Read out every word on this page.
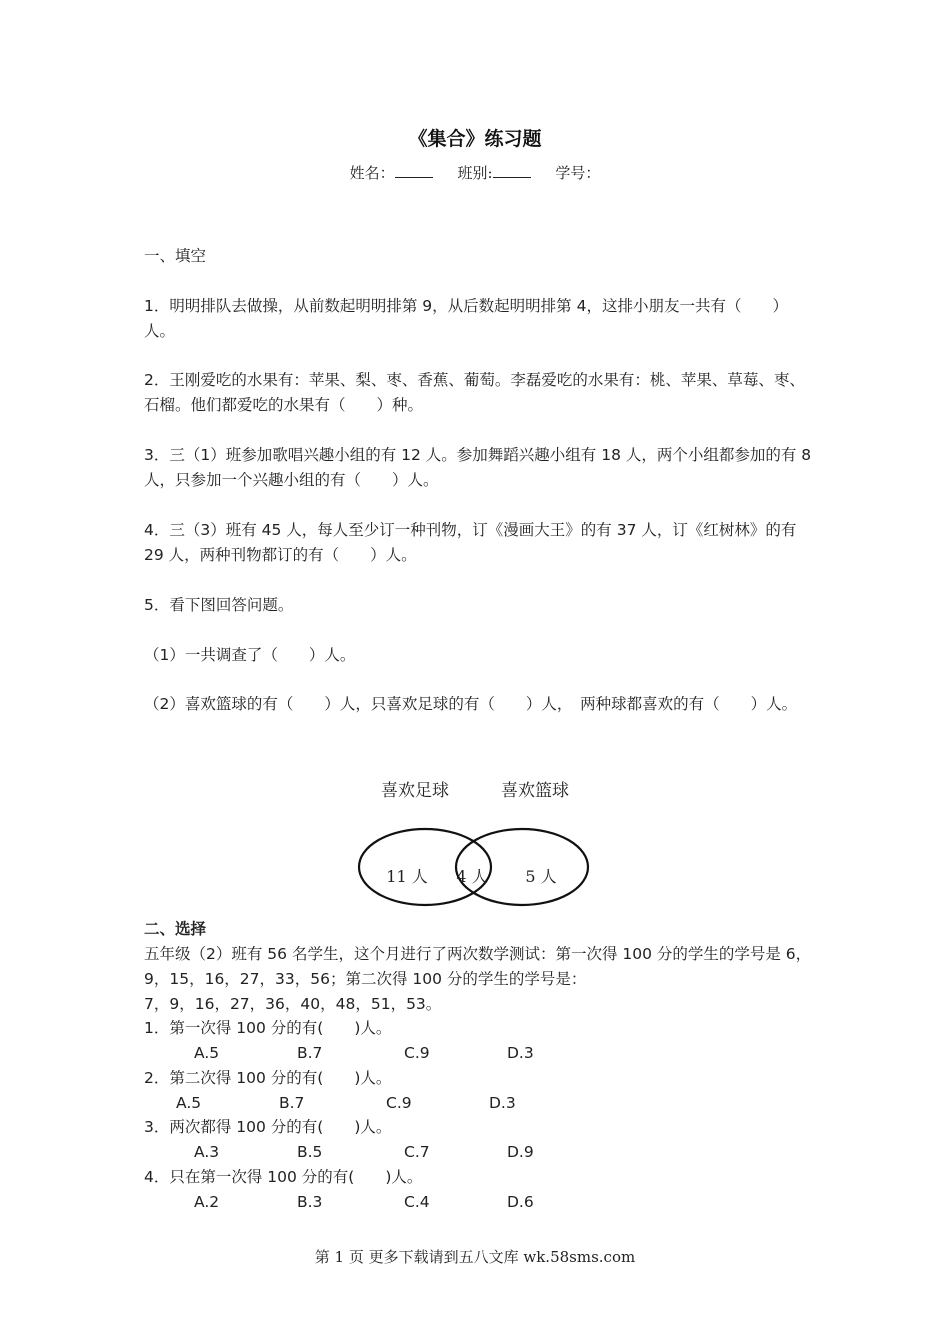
《集合》练习题
姓名：	班别:	学号：
一、填空
1．明明排队去做操，从前数起明明排第 9，从后数起明明排第 4，这排小朋友一共有（　　）人。
2．王刚爱吃的水果有：苹果、梨、枣、香蕉、葡萄。李磊爱吃的水果有：桃、苹果、草莓、枣、石榴。他们都爱吃的水果有（　　）种。
3．三（1）班参加歌唱兴趣小组的有 12 人。参加舞蹈兴趣小组有 18 人，两个小组都参加的有 8 人，只参加一个兴趣小组的有（　　）人。
4．三（3）班有 45 人，每人至少订一种刊物，订《漫画大王》的有 37 人，订《红树林》的有 29 人，两种刊物都订的有（　　）人。
5．看下图回答问题。
（1）一共调查了（　　）人。
（2）喜欢篮球的有（　　）人，只喜欢足球的有（　　）人，　两种球都喜欢的有（　　）人。
喜欢足球	喜欢篮球
11 人 4 人 5 人
二、选择
五年级（2）班有 56 名学生，这个月进行了两次数学测试：第一次得 100 分的学生的学号是 6，9，15，16，27，33，56；第二次得 100 分的学生的学号是：
7，9，16，27，36，40，48，51，53。
1．第一次得 100 分的有(　　)人。
A.5	B.7	C.9	D.3
2．第二次得 100 分的有(　　)人。
A.5	B.7	C.9	D.3
3．两次都得 100 分的有(　　)人。
A.3	B.5	C.7	D.9
4．只在第一次得 100 分的有(　　)人。
A.2	B.3	C.4	D.6
第 1 页 更多下载请到五八文库 wk.58sms.com
